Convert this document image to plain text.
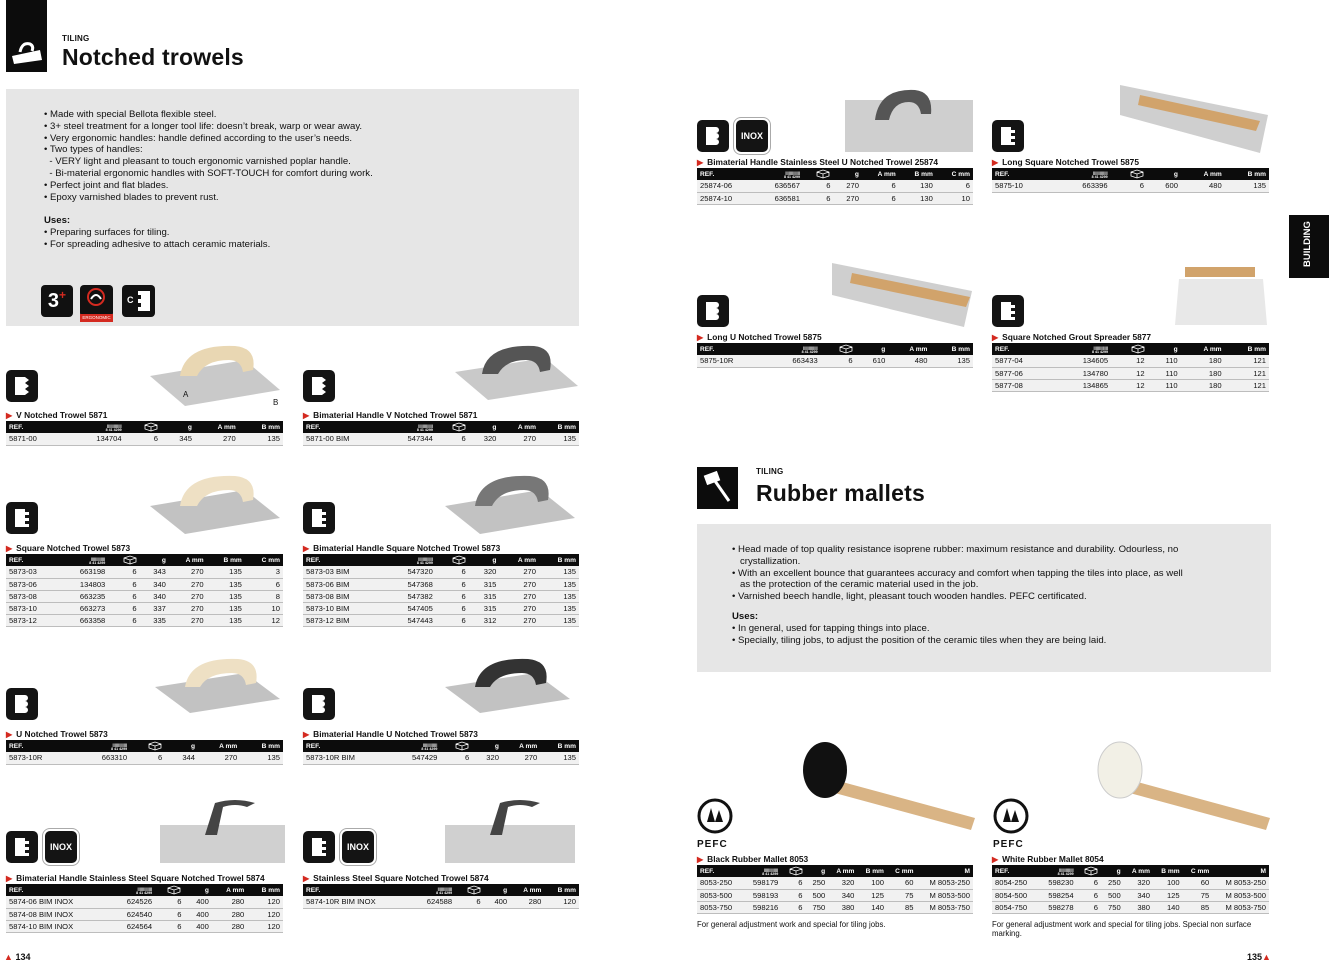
TILING
Notched trowels
• Made with special Bellota flexible steel.
• 3+ steel treatment for a longer tool life: doesn’t break, warp or wear away.
• Very ergonomic handles: handle defined according to the user’s needs.
• Two types of handles:
- VERY light and pleasant to touch ergonomic varnished poplar handle.
- Bi-material ergonomic handles with SOFT-TOUCH for comfort during work.
• Perfect joint and flat blades.
• Epoxy varnished blades to prevent rust.
Uses:
• Preparing surfaces for tiling.
• For spreading adhesive to attach ceramic materials.
3 +
ERGONOMIC
C
A
B
INOX	INOX
INOX
▶ V Notched Trowel 5871
REF.	|||||||||||||
8 41 4299		g	A mm	B mm
5871-00	134704	6	345	270	135
▶ Bimaterial Handle V Notched Trowel 5871
REF.	|||||||||||||
8 41 4299		g	A mm	B mm
5871-00 BIM	547344	6	320	270	135
▶ Square Notched Trowel 5873
REF.	|||||||||||||
8 41 4299		g	A mm	B mm	C mm
5873-03	663198	6	343	270	135	3
5873-06	134803	6	340	270	135	6
5873-08	663235	6	340	270	135	8
5873-10	663273	6	337	270	135	10
5873-12	663358	6	335	270	135	12
▶ Bimaterial Handle Square Notched Trowel 5873
REF.	|||||||||||||
8 41 4299		g	A mm	B mm
5873-03 BIM	547320	6	320	270	135
5873-06 BIM	547368	6	315	270	135
5873-08 BIM	547382	6	315	270	135
5873-10 BIM	547405	6	315	270	135
5873-12 BIM	547443	6	312	270	135
▶ U Notched Trowel 5873
REF.	|||||||||||||
8 41 4299		g	A mm	B mm
5873-10R	663310	6	344	270	135
▶ Bimaterial Handle U Notched Trowel 5873
REF.	|||||||||||||
8 41 4299		g	A mm	B mm
5873-10R BIM	547429	6	320	270	135
▶ Bimaterial Handle Stainless Steel Square Notched Trowel 5874
REF.	|||||||||||||
8 41 4299		g	A mm	B mm
5874-06 BIM INOX	624526	6	400	280	120
5874-08 BIM INOX	624540	6	400	280	120
5874-10 BIM INOX	624564	6	400	280	120
▶ Stainless Steel Square Notched Trowel 5874
REF.	|||||||||||||
8 41 4299		g	A mm	B mm
5874-10R BIM INOX	624588	6	400	280	120
▶ Bimaterial Handle Stainless Steel U Notched Trowel 25874
REF.	|||||||||||||
8 41 4299		g	A mm	B mm	C mm
25874-06	636567	6	270	6	130	6
25874-10	636581	6	270	6	130	10
▶ Long Square Notched Trowel 5875
REF.	|||||||||||||
8 41 4299		g	A mm	B mm
5875-10	663396	6	600	480	135
▶ Long U Notched Trowel 5875
REF.	|||||||||||||
8 41 4299		g	A mm	B mm
5875-10R	663433	6	610	480	135
▶ Square Notched Grout Spreader 5877
REF.	|||||||||||||
8 41 4299		g	A mm	B mm
5877-04	134605	12	110	180	121
5877-06	134780	12	110	180	121
5877-08	134865	12	110	180	121
▶ Black Rubber Mallet 8053
REF.	|||||||||||||
8 41 4299		g	A mm	B mm	C mm	M
8053-250	598179	6	250	320	100	60	M 8053-250
8053-500	598193	6	500	340	125	75	M 8053-500
8053-750	598216	6	750	380	140	85	M 8053-750
For general adjustment work and special for tiling jobs.
▶ White Rubber Mallet 8054
REF.	|||||||||||||
8 41 4299		g	A mm	B mm	C mm	M
8054-250	598230	6	250	320	100	60	M 8053-250
8054-500	598254	6	500	340	125	75	M 8053-500
8054-750	598278	6	750	380	140	85	M 8053-750
For general adjustment work and special for tiling jobs. Special non surface marking.
BUILDING
TILING
Rubber mallets
• Head made of top quality resistance isoprene rubber: maximum resistance and durability. Odourless, no
crystallization.
• With an excellent bounce that guarantees accuracy and comfort when tapping the tiles into place, as well
as the protection of the ceramic material used in the job.
• Varnished beech handle, light, pleasant touch wooden handles. PEFC certificated.
Uses:
• In general, used for tapping things into place.
• Specially, tiling jobs, to adjust the position of the ceramic tiles when they are being laid.
PEFC	PEFC
▲ 134	135▲
